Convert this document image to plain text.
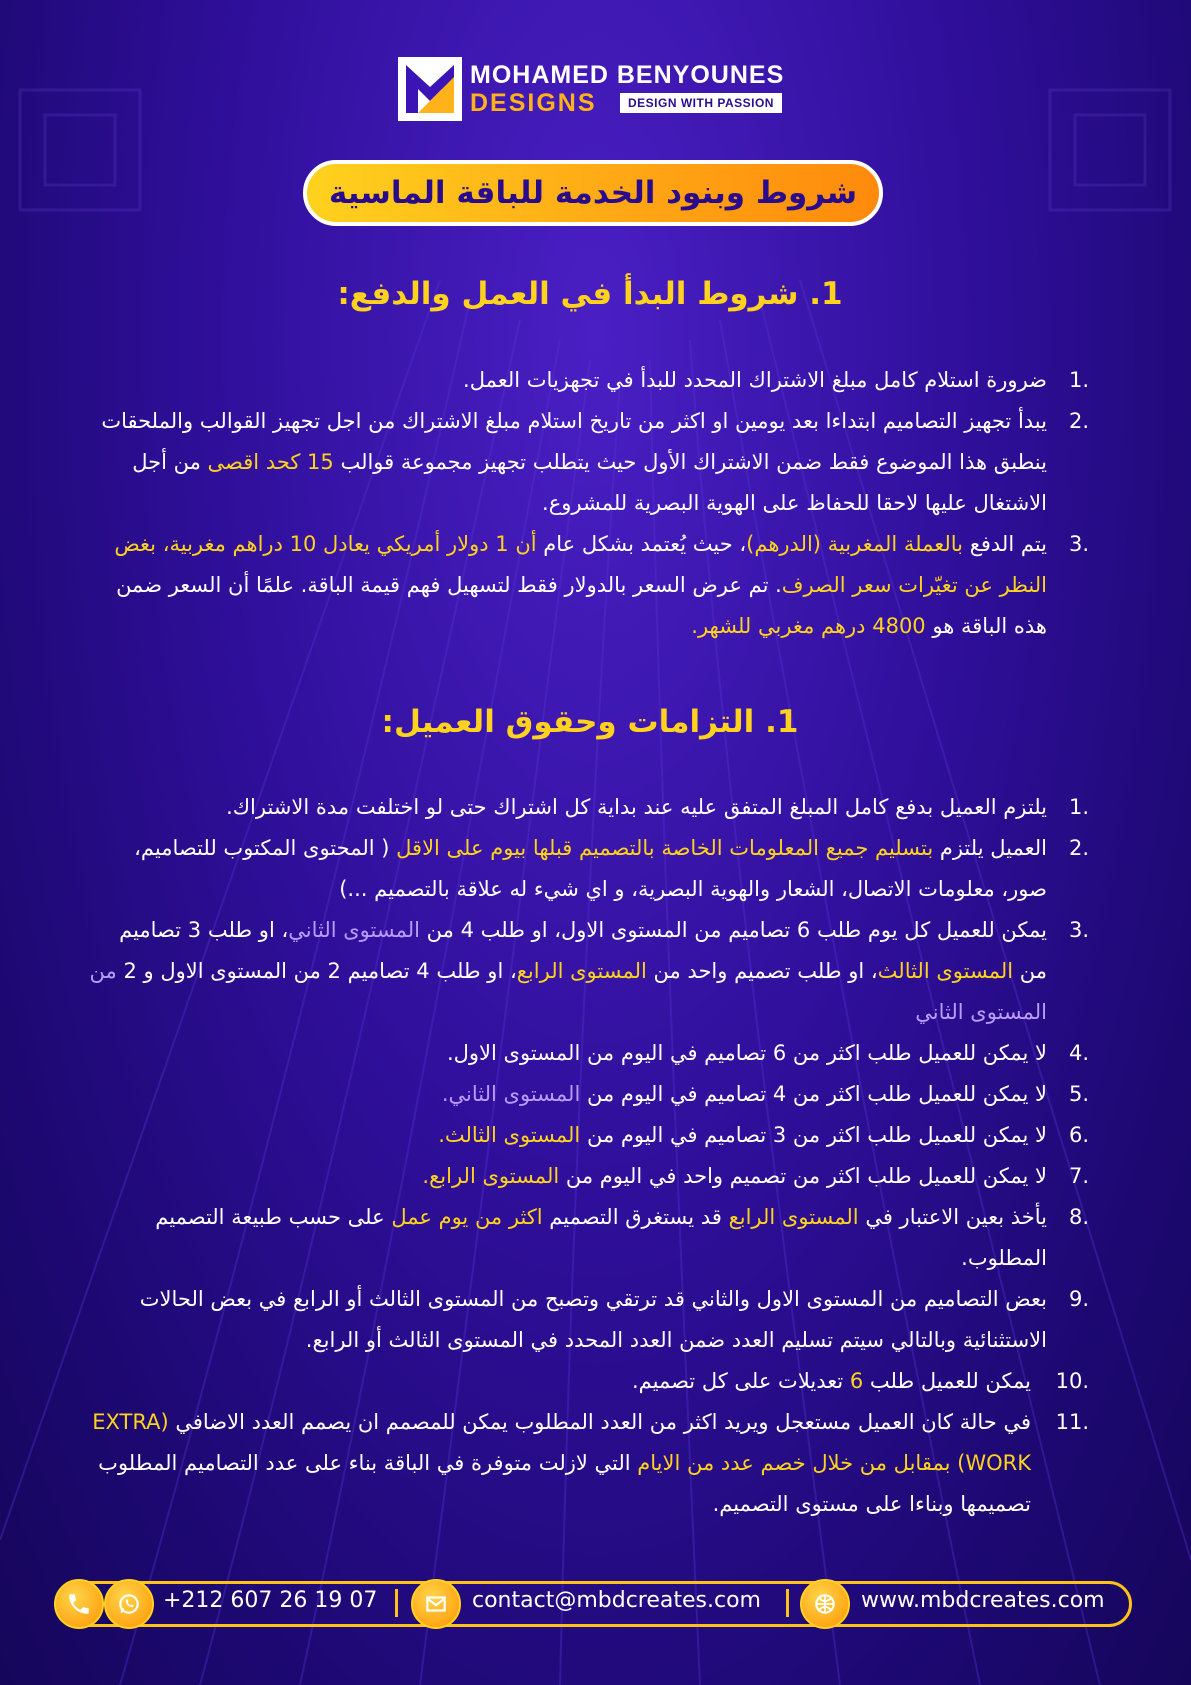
MOHAMED BENYOUNES
DESIGNS	DESIGN WITH PASSION
شروط وبنود الخدمة للباقة الماسية
1. شروط البدأ في العمل والدفع:
1.
ضرورة استلام كامل مبلغ الاشتراك المحدد للبدأ في تجهزيات العمل.
2.
يبدأ تجهيز التصاميم ابتداءا بعد يومين او اكثر من تاريخ استلام مبلغ الاشتراك من اجل تجهيز القوالب والملحقات ينطبق هذا الموضوع فقط ضمن الاشتراك الأول حيث يتطلب تجهيز مجموعة قوالب 15 كحد اقصى من أجل الاشتغال عليها لاحقا للحفاظ على الهوية البصرية للمشروع.
3.
يتم الدفع بالعملة المغربية (الدرهم)، حيث يُعتمد بشكل عام أن 1 دولار أمريكي يعادل 10 دراهم مغربية، بغض النظر عن تغيّرات سعر الصرف. تم عرض السعر بالدولار فقط لتسهيل فهم قيمة الباقة. علمًا أن السعر ضمن هذه الباقة هو 4800 درهم مغربي للشهر.
1. التزامات وحقوق العميل:
1.
يلتزم العميل بدفع كامل المبلغ المتفق عليه عند بداية كل اشتراك حتى لو اختلفت مدة الاشتراك.
2.
العميل يلتزم بتسليم جميع المعلومات الخاصة بالتصميم قبلها بيوم على الاقل ( المحتوى المكتوب للتصاميم، صور، معلومات الاتصال، الشعار والهوية البصرية، و اي شيء له علاقة بالتصميم ...)
3.
يمكن للعميل كل يوم طلب 6 تصاميم من المستوى الاول، او طلب 4 من المستوى الثاني، او طلب 3 تصاميم من المستوى الثالث، او طلب تصميم واحد من المستوى الرابع، او طلب 4 تصاميم 2 من المستوى الاول و 2 من المستوى الثاني
4.
لا يمكن للعميل طلب اكثر من 6 تصاميم في اليوم من المستوى الاول.
5.
لا يمكن للعميل طلب اكثر من 4 تصاميم في اليوم من المستوى الثاني.
6.
لا يمكن للعميل طلب اكثر من 3 تصاميم في اليوم من المستوى الثالث.
7.
لا يمكن للعميل طلب اكثر من تصميم واحد في اليوم من المستوى الرابع.
8.
يأخذ بعين الاعتبار في المستوى الرابع قد يستغرق التصميم اكثر من يوم عمل على حسب طبيعة التصميم المطلوب.
9.
بعض التصاميم من المستوى الاول والثاني قد ترتقي وتصبح من المستوى الثالث أو الرابع في بعض الحالات الاستثنائية وبالتالي سيتم تسليم العدد ضمن العدد المحدد في المستوى الثالث أو الرابع.
10.
يمكن للعميل طلب 6 تعديلات على كل تصميم.
11.
في حالة كان العميل مستعجل ويريد اكثر من العدد المطلوب يمكن للمصمم ان يصمم العدد الاضافي (EXTRA WORK) بمقابل من خلال خصم عدد من الايام التي لازلت متوفرة في الباقة بناء على عدد التصاميم المطلوب تصميمها وبناءا على مستوى التصميم.
+212 607 26 19 07	contact@mbdcreates.com	www.mbdcreates.com
